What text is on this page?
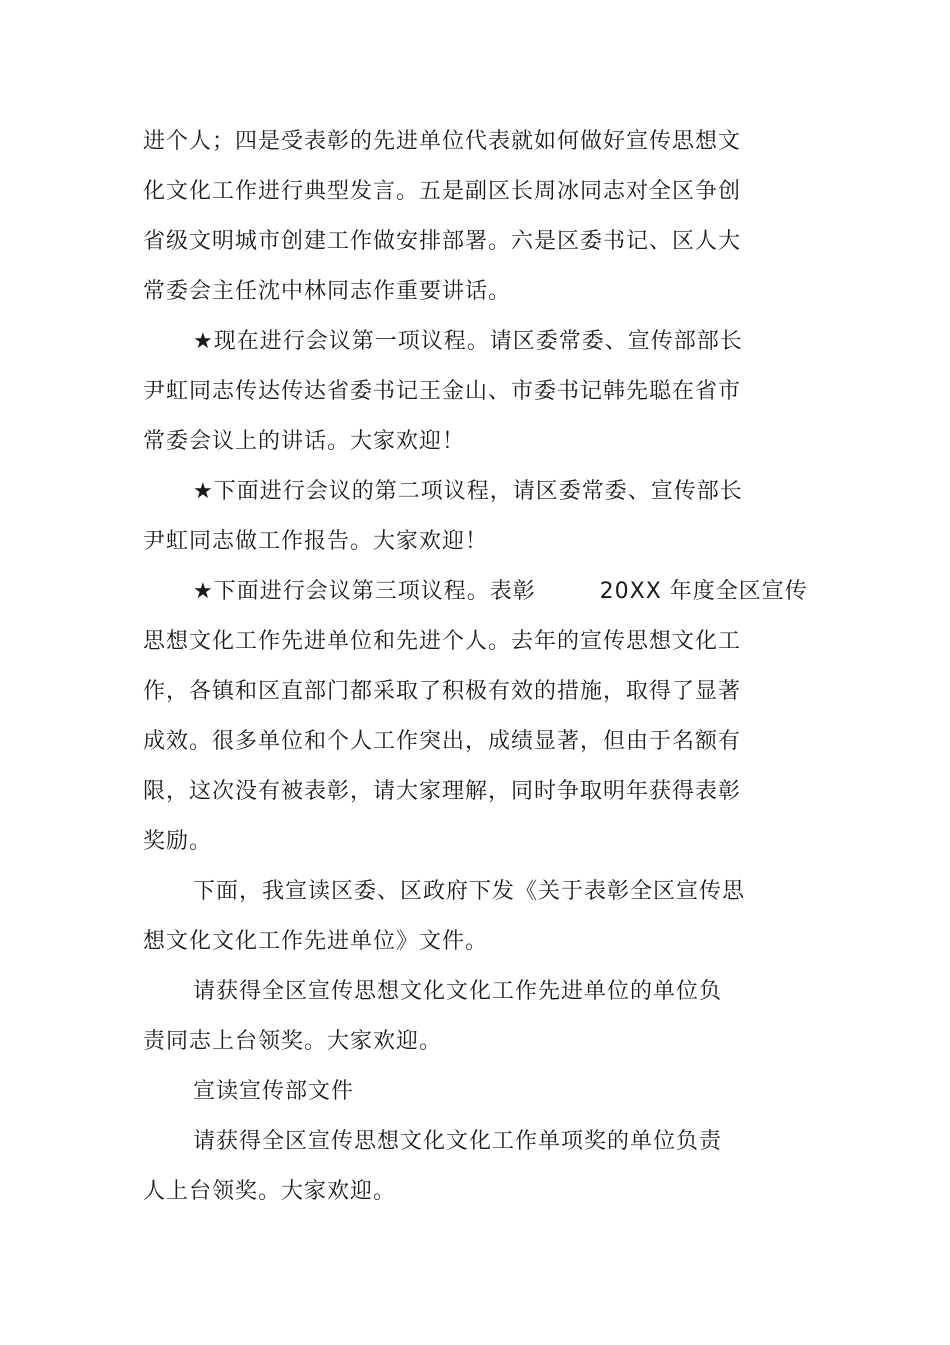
进个人；四是受表彰的先进单位代表就如何做好宣传思想文

化文化工作进行典型发言。五是副区长周冰同志对全区争创

省级文明城市创建工作做安排部署。六是区委书记、区人大

常委会主任沈中林同志作重要讲话。

★现在进行会议第一项议程。请区委常委、宣传部部长

尹虹同志传达传达省委书记王金山、市委书记韩先聪在省市

常委会议上的讲话。大家欢迎！

★下面进行会议的第二项议程，请区委常委、宣传部长

尹虹同志做工作报告。大家欢迎！

★下面进行会议第三项议程。表彰        20XX 年度全区宣传

思想文化工作先进单位和先进个人。去年的宣传思想文化工

作，各镇和区直部门都采取了积极有效的措施，取得了显著

成效。很多单位和个人工作突出，成绩显著，但由于名额有

限，这次没有被表彰，请大家理解，同时争取明年获得表彰

奖励。

下面，我宣读区委、区政府下发《关于表彰全区宣传思

想文化文化工作先进单位》文件。

请获得全区宣传思想文化文化工作先进单位的单位负

责同志上台领奖。大家欢迎。

宣读宣传部文件

请获得全区宣传思想文化文化工作单项奖的单位负责

人上台领奖。大家欢迎。
